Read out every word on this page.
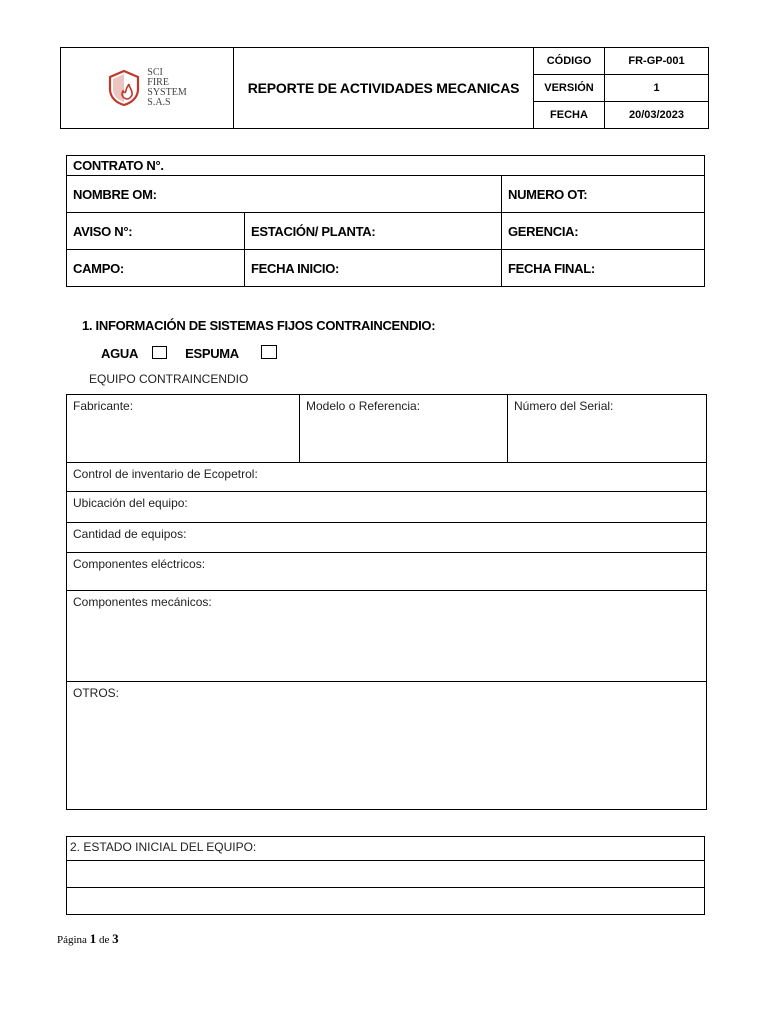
SCI
FIRE
SYSTEM
S.A.S	REPORTE DE ACTIVIDADES MECANICAS	CÓDIGO	FR-GP-001
		VERSIÓN	1
		FECHA	20/03/2023
CONTRATO N°.		
NOMBRE OM:		NUMERO OT:
AVISO N°:	ESTACIÓN/ PLANTA:	GERENCIA:
CAMPO:	FECHA INICIO:	FECHA FINAL:
1. INFORMACIÓN DE SISTEMAS FIJOS CONTRAINCENDIO:
AGUA	ESPUMA
EQUIPO CONTRAINCENDIO
Fabricante:	Modelo o Referencia:	Número del Serial:
Control de inventario de Ecopetrol:
Ubicación del equipo:
Cantidad de equipos:
Componentes eléctricos:
Componentes mecánicos:
OTROS:
2. ESTADO INICIAL DEL EQUIPO:

Página 1 de 3
